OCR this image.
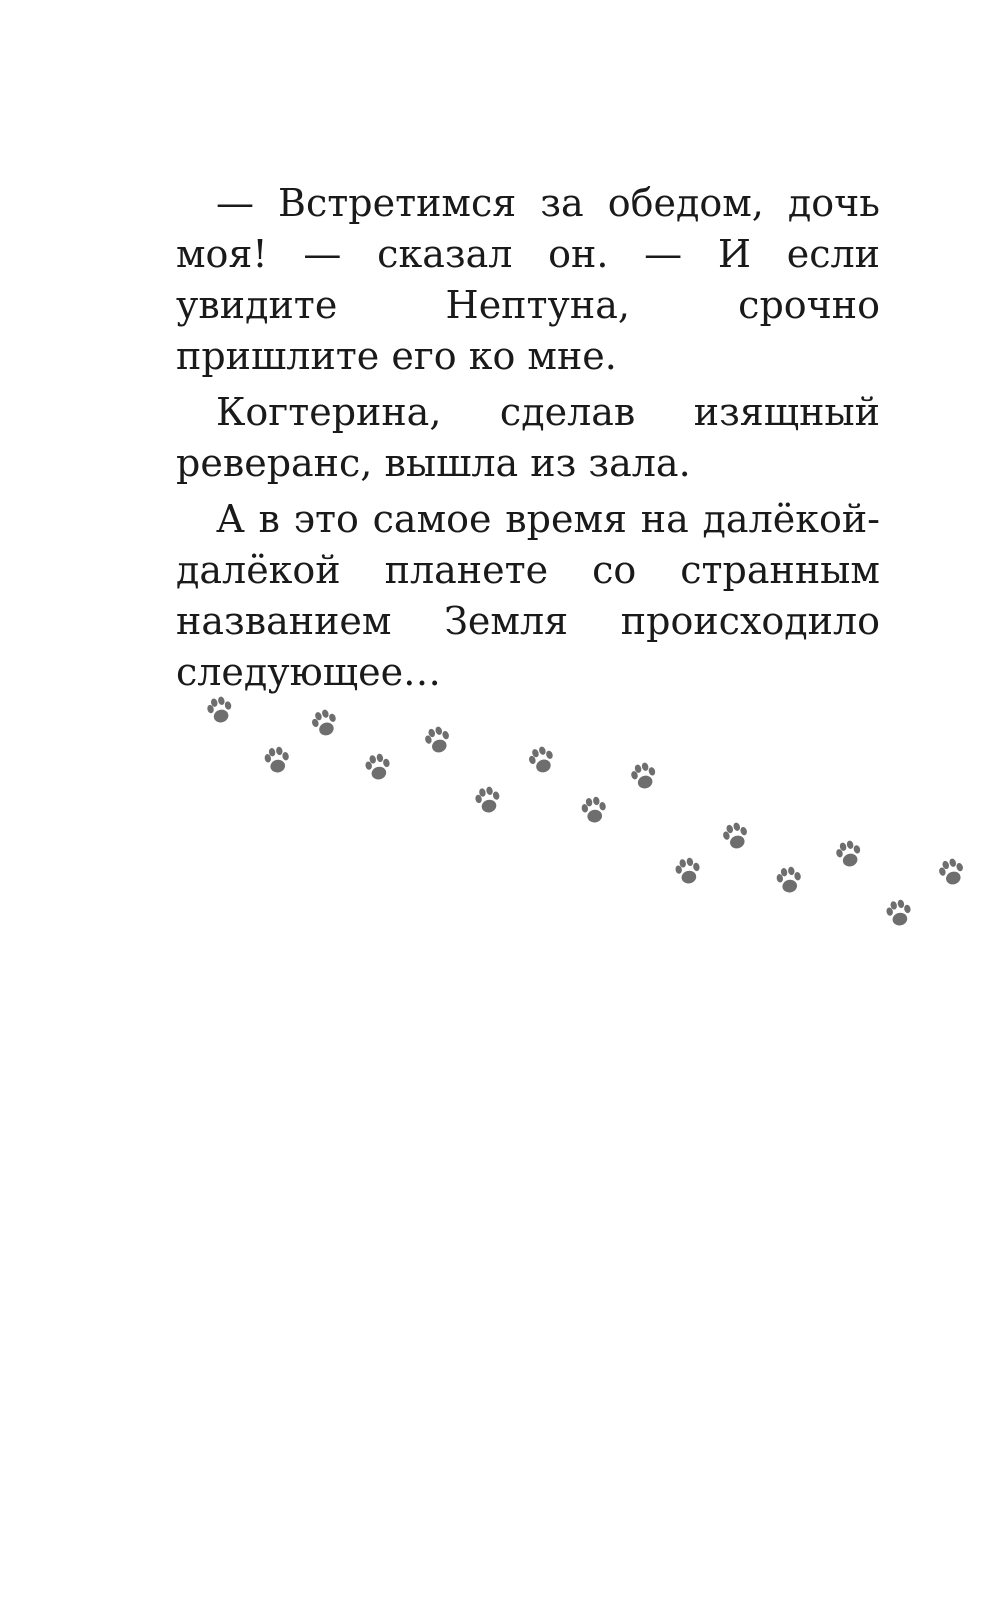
— Встретимся за обедом, дочь моя! — сказал он. — И если увидите Нептуна, срочно пришлите его ко мне.

Когтерина, сделав изящный реверанс, вышла из зала.

А в это самое время на далёкой-далёкой планете со странным названием Земля происходило следующее…
